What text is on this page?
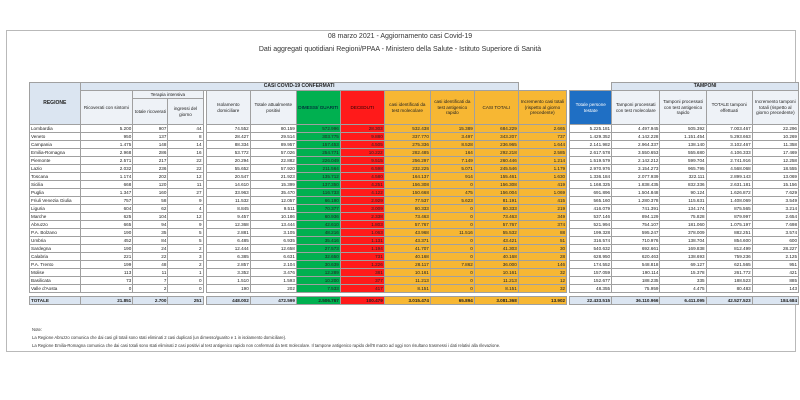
08 marzo 2021 - Aggiornamento casi Covid-19
Dati aggregati quotidiani Regioni/PPAA - Ministero della Salute - Istituto Superiore di Sanità
REGIONE	CASI COVID-19 CONFERMATI														TAMPONI			
	Ricoverati con sintomi	Terapia intensiva			Isolamento domiciliare	Totale attualmente positivi	DIMESSI/ GUARITI	DECEDUTI	casi identificati da test molecolare	casi identificati da test antigenico rapido	CASI TOTALI	Incremento casi totali (rispetto al giorno precedente)		Totale persone testate	Tamponi processati con test molecolare	Tamponi processati con test antigenico rapido	TOTALE tamponi effettuati	Incremento tamponi totali (rispetto al giorno precedente)
		totale ricoverati	ingressi del giorno															
Lombardia	5.200	907	44		74.552	80.159	572.996	28.303	532.438	15.389	684.229	2.665		5.225.181	4.497.945	505.392	7.003.467	22.296
Veneto	950	137	8		28.427	29.514	303.775	9.880	337.770	3.497	343.207	737		1.429.352	4.142.228	1.151.454	5.293.663	10.269
Campania	1.475	148	14		88.334	89.957	157.453	4.505	275.336	8.528	236.965	1.644		2.141.982	2.964.337	138.140	3.102.467	11.358
Emilia-Romagna	2.968	286	16		53.772	57.026	254.771	10.222	282.485	164	292.218	2.585		2.617.578	3.550.653	555.680	4.106.333	17.469
Piemonte	2.571	217	22		20.294	22.882	226.049	9.515	256.297	7.149	260.446	1.214		1.519.579	2.142.212	599.704	2.741.916	12.258
Lazio	2.032	236	22		55.652	57.920	211.564	6.598	232.225	5.071	245.546	1.179		2.970.976	3.154.273	965.795	4.568.068	18.555
Toscana	1.174	202	12		20.547	21.923	135.712	4.580	164.137	914	155.461	1.630		1.336.184	2.077.939	322.111	2.899.143	13.069
Sicilia	668	120	11		14.610	15.399	137.350	4.251	156.308	0	156.308	419		1.168.325	1.838.435	832.336	2.631.181	15.156
Puglia	1.347	160	27		33.963	35.470	116.733	4.122	150.668	475	156.004	1.069		691.896	1.504.848	90.124	1.626.872	7.629
Friuli Venezia Giulia	757	58	9		11.532	12.057	66.190	2.929	77.537	5.623	81.191	415		565.160	1.280.378	115.631	1.408.069	3.549
Liguria	604	62	4		8.845	9.511	70.377	3.009	80.333	0	80.333	219		416.079	741.391	134.174	875.565	3.214
Marche	625	104	12		9.457	10.186	60.936	2.338	73.463	0	73.463	349		537.146	894.129	75.828	879.997	2.654
Abruzzo	665	94	9		12.368	13.444	42.610	1.803	57.767	0	57.767	374		521.994	754.107	181.060	1.075.197	7.698
P.A. Bolzano	190	35	5		2.881	3.105	48.216	1.063	43.968	11.516	55.532	88		199.328	595.247	378.009	882.251	3.574
Umbria	452	84	5		6.485	6.935	35.416	1.131	43.371	0	43.421	51		316.574	710.976	138.704	854.600	600
Sardegna	190	24	2		12.444	12.658	27.573	1.194	41.707	0	41.303	30		540.632	692.661	169.838	812.499	28.227
Calabria	221	22	3		6.385	6.631	32.650	731	40.168	0	40.168	28		628.950	620.463	138.693	759.236	2.125
P.A. Trento	199	48	2		2.857	2.104	30.639	1.226	28.117	7.862	36.000	146		174.552	548.818	69.127	621.565	951
Molise	113	11	1		3.352	3.476	12.289	381	10.161	0	10.161	32		157.059	190.114	15.378	261.772	421
Basilicata	73	7	0		1.510	1.593	10.200	377	11.213	0	11.213	12		152.677	188.235	335	188.523	885
Valle d'Aosta	0	2	0		190	202	7.533	417	8.151	0	8.151	32		48.355	75.959	4.475	80.483	143

TOTALE	21.851	2.700	251		448.002	472.599	2.506.767	100.479	3.015.474	65.894	3.081.368	13.902		22.433.515	36.110.966	6.411.095	42.527.523	184.684
Note:
La Regione Abruzzo comunica che dai casi gli totali sono stati eliminati 2 casi duplicati (un dimesso/guarito e 1 in isolamento domiciliare).
La Regione Emilia-Romagna comunica che dai casi totali sono stati eliminati 2 casi positivi al test antigenico rapido non confermati da test molecolare. Il tampone antigenico rapido dell'8 marzo ad oggi non risultano trasmessi i dati relativi alla rilevazione.
